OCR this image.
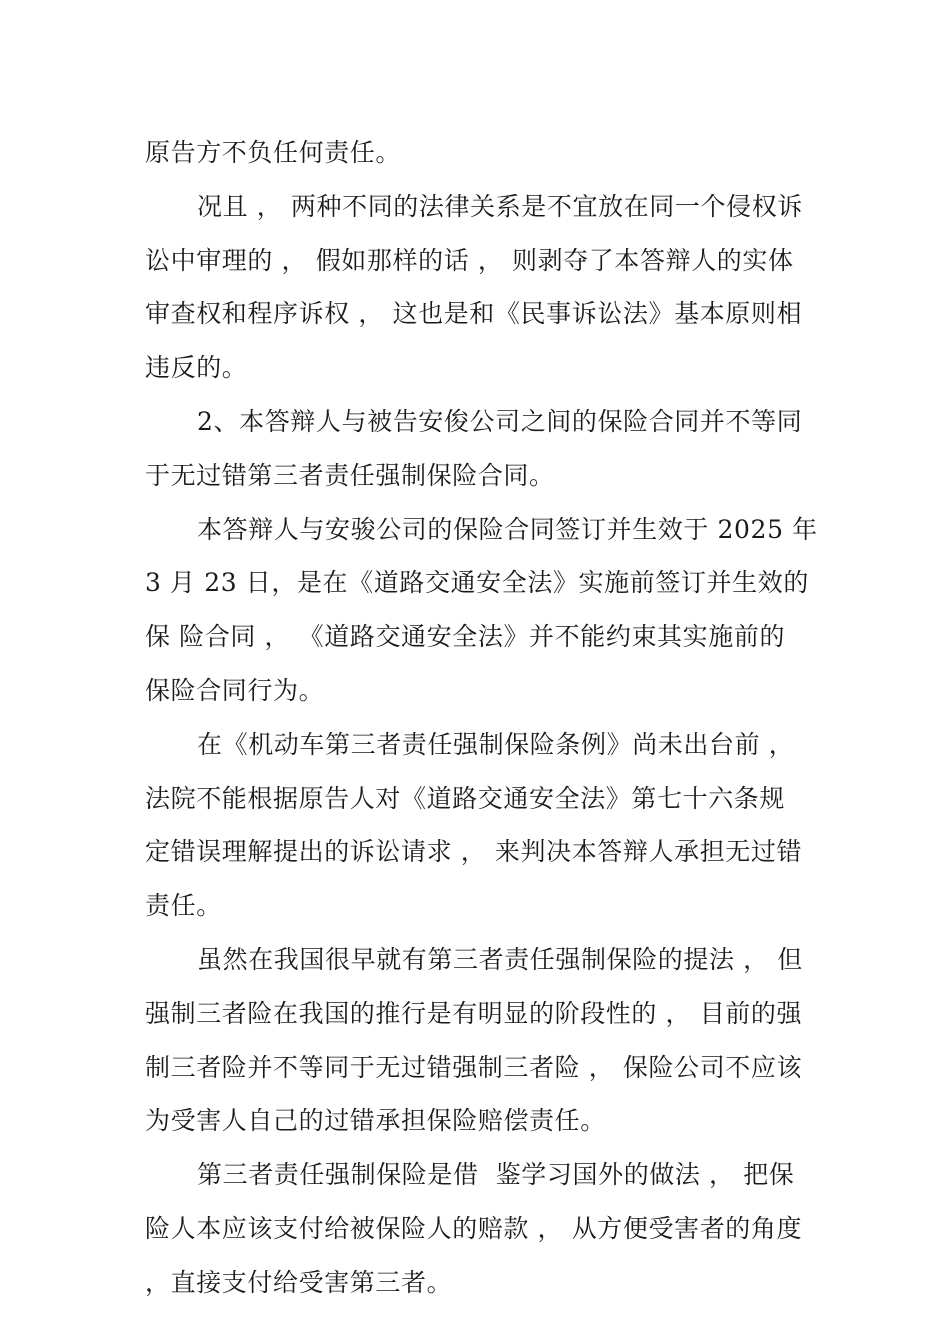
原告方不负任何责任。
况且 ， 两种不同的法律关系是不宜放在同一个侵权诉
讼中审理的 ， 假如那样的话 ， 则剥夺了本答辩人的实体
审查权和程序诉权 ， 这也是和《民事诉讼法》基本原则相
违反的。
2、本答辩人与被告安俊公司之间的保险合同并不等同
于无过错第三者责任强制保险合同。
本答辩人与安骏公司的保险合同签订并生效于 2025 年
3 月 23 日，是在《道路交通安全法》实施前签订并生效的
保 险合同 ， 《道路交通安全法》并不能约束其实施前的
保险合同行为。
在《机动车第三者责任强制保险条例》尚未出台前 ，
法院不能根据原告人对《道路交通安全法》第七十六条规
定错误理解提出的诉讼请求 ， 来判决本答辩人承担无过错
责任。
虽然在我国很早就有第三者责任强制保险的提法 ， 但
强制三者险在我国的推行是有明显的阶段性的 ， 目前的强
制三者险并不等同于无过错强制三者险 ， 保险公司不应该
为受害人自己的过错承担保险赔偿责任。
第三者责任强制保险是借  鉴学习国外的做法 ， 把保
险人本应该支付给被保险人的赔款 ， 从方便受害者的角度
，直接支付给受害第三者。
